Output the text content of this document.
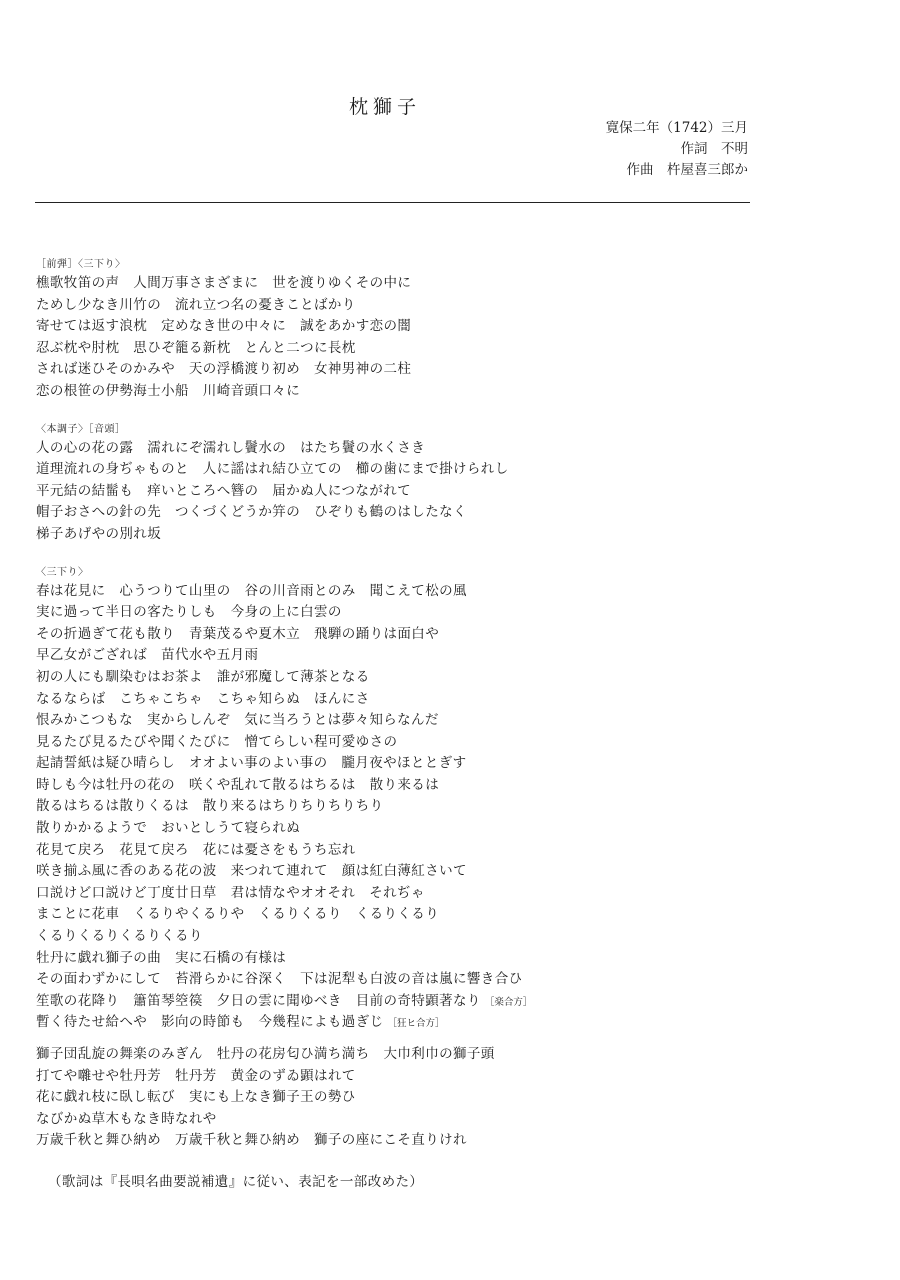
枕獅子
寛保二年（1742）三月
作詞　不明
作曲　杵屋喜三郎か
［前弾］〈三下り〉
樵歌牧笛の声　人間万事さまざまに　世を渡りゆくその中に
ためし少なき川竹の　流れ立つ名の憂きことばかり
寄せては返す浪枕　定めなき世の中々に　誠をあかす恋の闇
忍ぶ枕や肘枕　思ひぞ籠る新枕　とんと二つに長枕
されば迷ひそのかみや　天の浮橋渡り初め　女神男神の二柱
恋の根笹の伊勢海士小船　川崎音頭口々に
〈本調子〉［音頭］
人の心の花の露　濡れにぞ濡れし鬢水の　はたち鬢の水くさき
道理流れの身ぢゃものと　人に謡はれ結ひ立ての　櫛の歯にまで掛けられし
平元結の結髷も　痒いところへ簪の　届かぬ人につながれて
帽子おさへの針の先　つくづくどうか笄の　ひぞりも鶴のはしたなく
梯子あげやの別れ坂
〈三下り〉
春は花見に　心うつりて山里の　谷の川音雨とのみ　聞こえて松の風
実に過って半日の客たりしも　今身の上に白雲の
その折過ぎて花も散り　青葉茂るや夏木立　飛騨の踊りは面白や
早乙女がござれば　苗代水や五月雨
初の人にも馴染むはお茶よ　誰が邪魔して薄茶となる
なるならば　こちゃこちゃ　こちゃ知らぬ　ほんにさ
恨みかこつもな　実からしんぞ　気に当ろうとは夢々知らなんだ
見るたび見るたびや聞くたびに　憎てらしい程可愛ゆさの
起請誓紙は疑ひ晴らし　オオよい事のよい事の　朧月夜やほととぎす
時しも今は牡丹の花の　咲くや乱れて散るはちるは　散り来るは
散るはちるは散りくるは　散り来るはちりちりちりちり
散りかかるようで　おいとしうて寝られぬ
花見て戻ろ　花見て戻ろ　花には憂さをもうち忘れ
咲き揃ふ風に香のある花の波　来つれて連れて　顔は紅白薄紅さいて
口説けど口説けど丁度廿日草　君は情なやオオそれ　それぢゃ
まことに花車　くるりやくるりや　くるりくるり　くるりくるり
くるりくるりくるりくるり
牡丹に戯れ獅子の曲　実に石橋の有様は
その面わずかにして　苔滑らかに谷深く　下は泥犁も白波の音は嵐に響き合ひ
笙歌の花降り　簫笛琴箜篌　夕日の雲に聞ゆべき　目前の奇特顕著なり ［楽合方］
暫く待たせ給へや　影向の時節も　今幾程によも過ぎじ ［狂ヒ合方］
獅子団乱旋の舞楽のみぎん　牡丹の花房匂ひ満ち満ち　大巾利巾の獅子頭
打てや囃せや牡丹芳　牡丹芳　黄金のずゐ顕はれて
花に戯れ枝に臥し転び　実にも上なき獅子王の勢ひ
なびかぬ草木もなき時なれや
万歳千秋と舞ひ納め　万歳千秋と舞ひ納め　獅子の座にこそ直りけれ
（歌詞は『長唄名曲要説補遺』に従い、表記を一部改めた）
